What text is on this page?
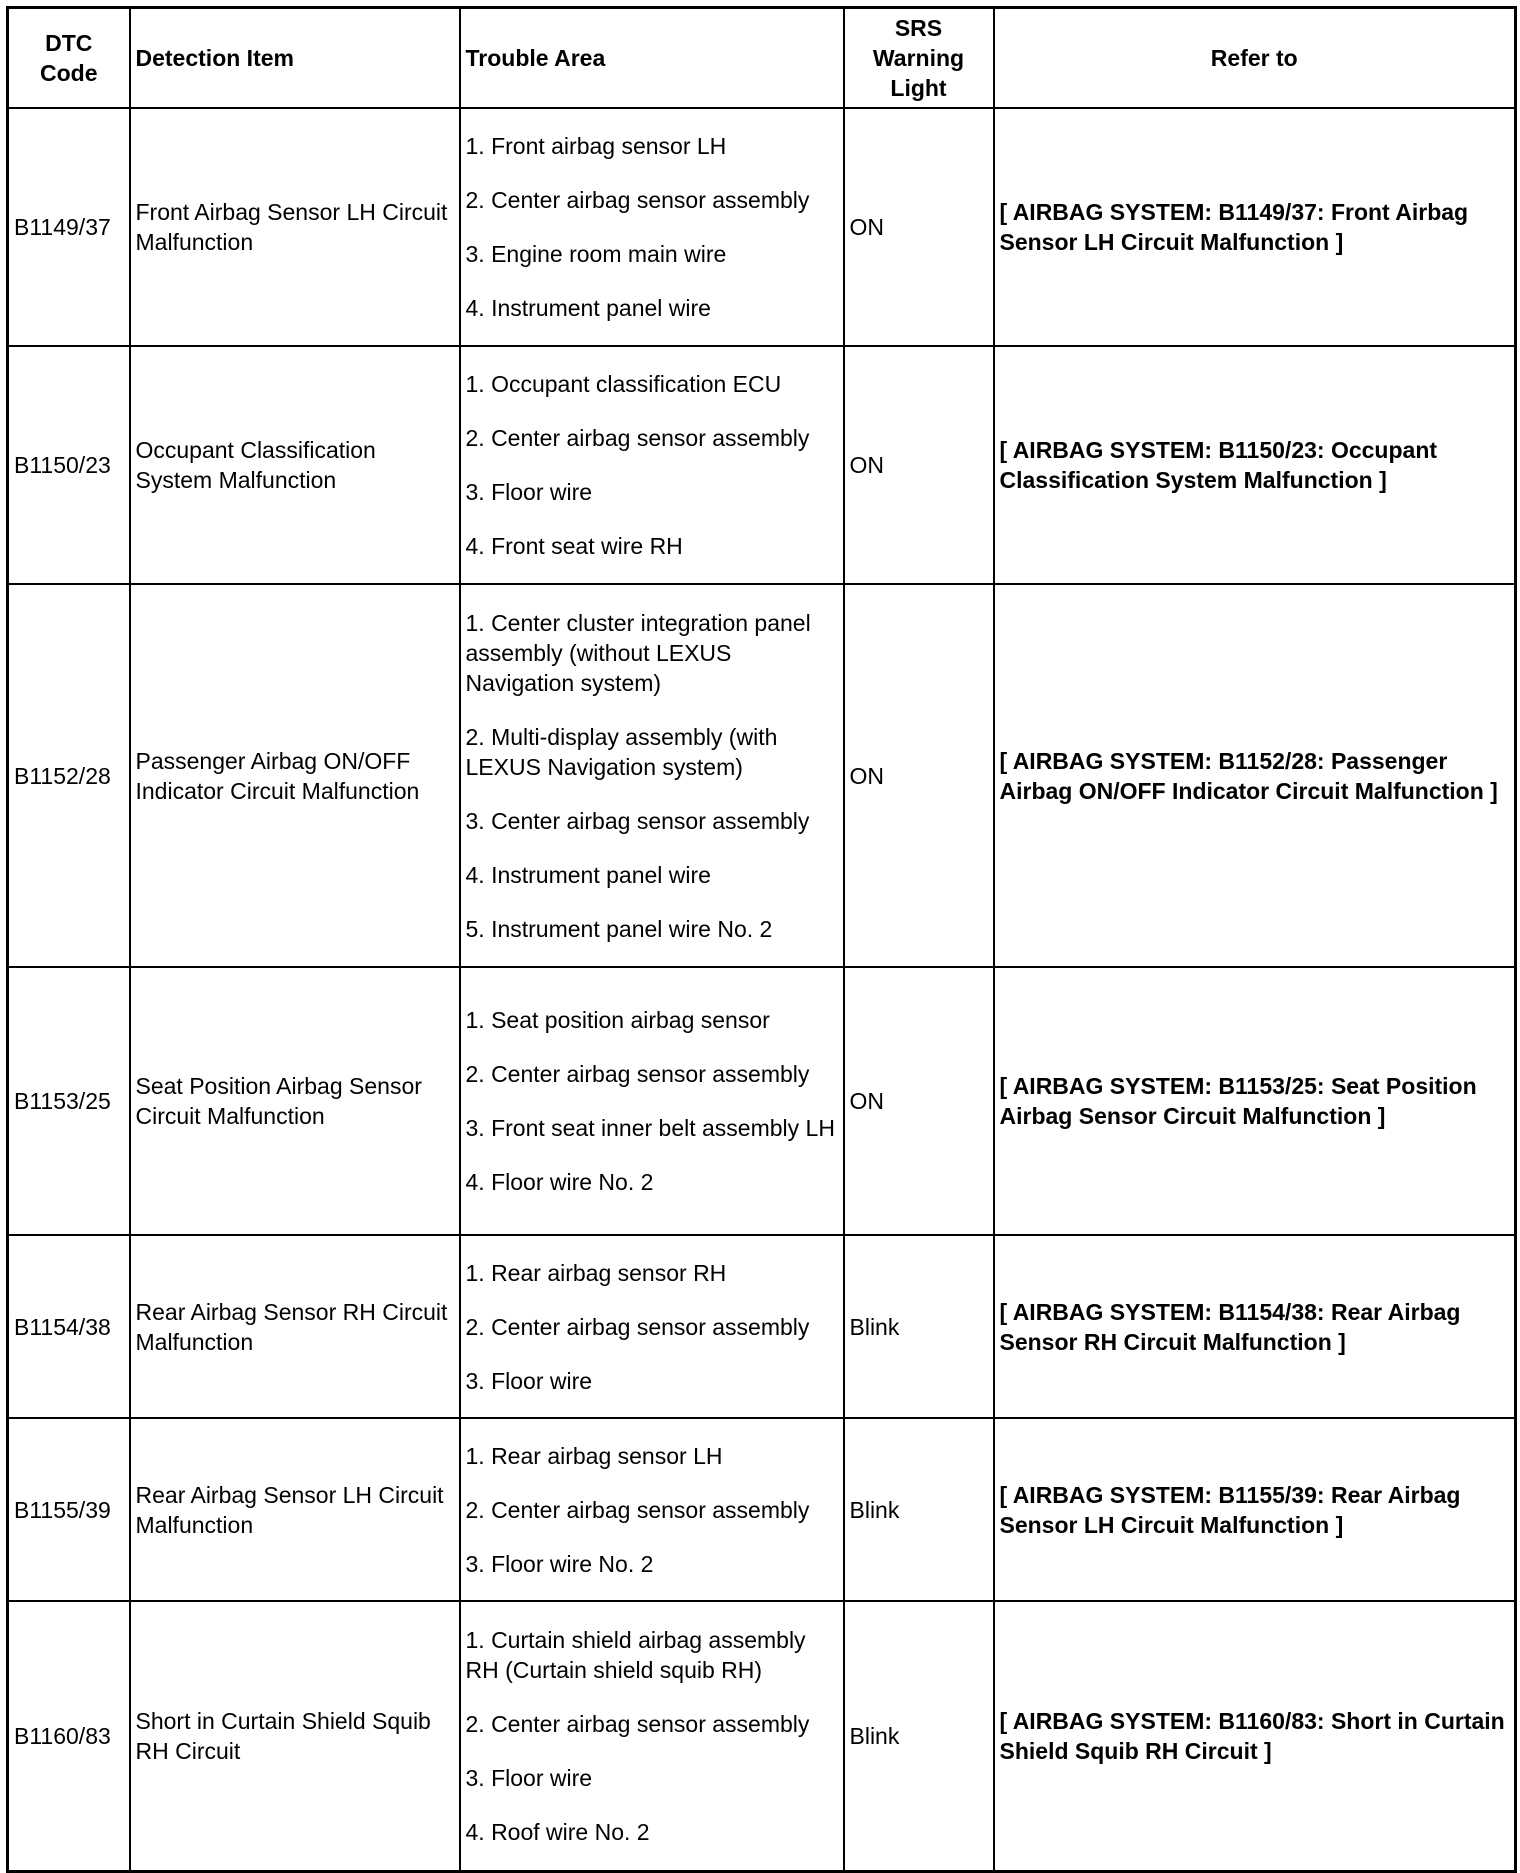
DTC Code	Detection Item	Trouble Area	SRS Warning Light	Refer to
B1149/37	Front Airbag Sensor LH Circuit Malfunction	1. Front airbag sensor LH
2. Center airbag sensor assembly
3. Engine room main wire
4. Instrument panel wire	ON	[ AIRBAG SYSTEM: B1149/37: Front Airbag Sensor LH Circuit Malfunction ]
B1150/23	Occupant Classification System Malfunction	1. Occupant classification ECU
2. Center airbag sensor assembly
3. Floor wire
4. Front seat wire RH	ON	[ AIRBAG SYSTEM: B1150/23: Occupant Classification System Malfunction ]
B1152/28	Passenger Airbag ON/OFF Indicator Circuit Malfunction	1. Center cluster integration panel assembly (without LEXUS Navigation system)
2. Multi-display assembly (with LEXUS Navigation system)
3. Center airbag sensor assembly
4. Instrument panel wire
5. Instrument panel wire No. 2	ON	[ AIRBAG SYSTEM: B1152/28: Passenger Airbag ON/OFF Indicator Circuit Malfunction ]
B1153/25	Seat Position Airbag Sensor Circuit Malfunction	1. Seat position airbag sensor
2. Center airbag sensor assembly
3. Front seat inner belt assembly LH
4. Floor wire No. 2	ON	[ AIRBAG SYSTEM: B1153/25: Seat Position Airbag Sensor Circuit Malfunction ]
B1154/38	Rear Airbag Sensor RH Circuit Malfunction	1. Rear airbag sensor RH
2. Center airbag sensor assembly
3. Floor wire	Blink	[ AIRBAG SYSTEM: B1154/38: Rear Airbag Sensor RH Circuit Malfunction ]
B1155/39	Rear Airbag Sensor LH Circuit Malfunction	1. Rear airbag sensor LH
2. Center airbag sensor assembly
3. Floor wire No. 2	Blink	[ AIRBAG SYSTEM: B1155/39: Rear Airbag Sensor LH Circuit Malfunction ]
B1160/83	Short in Curtain Shield Squib RH Circuit	1. Curtain shield airbag assembly RH (Curtain shield squib RH)
2. Center airbag sensor assembly
3. Floor wire
4. Roof wire No. 2	Blink	[ AIRBAG SYSTEM: B1160/83: Short in Curtain Shield Squib RH Circuit ]
